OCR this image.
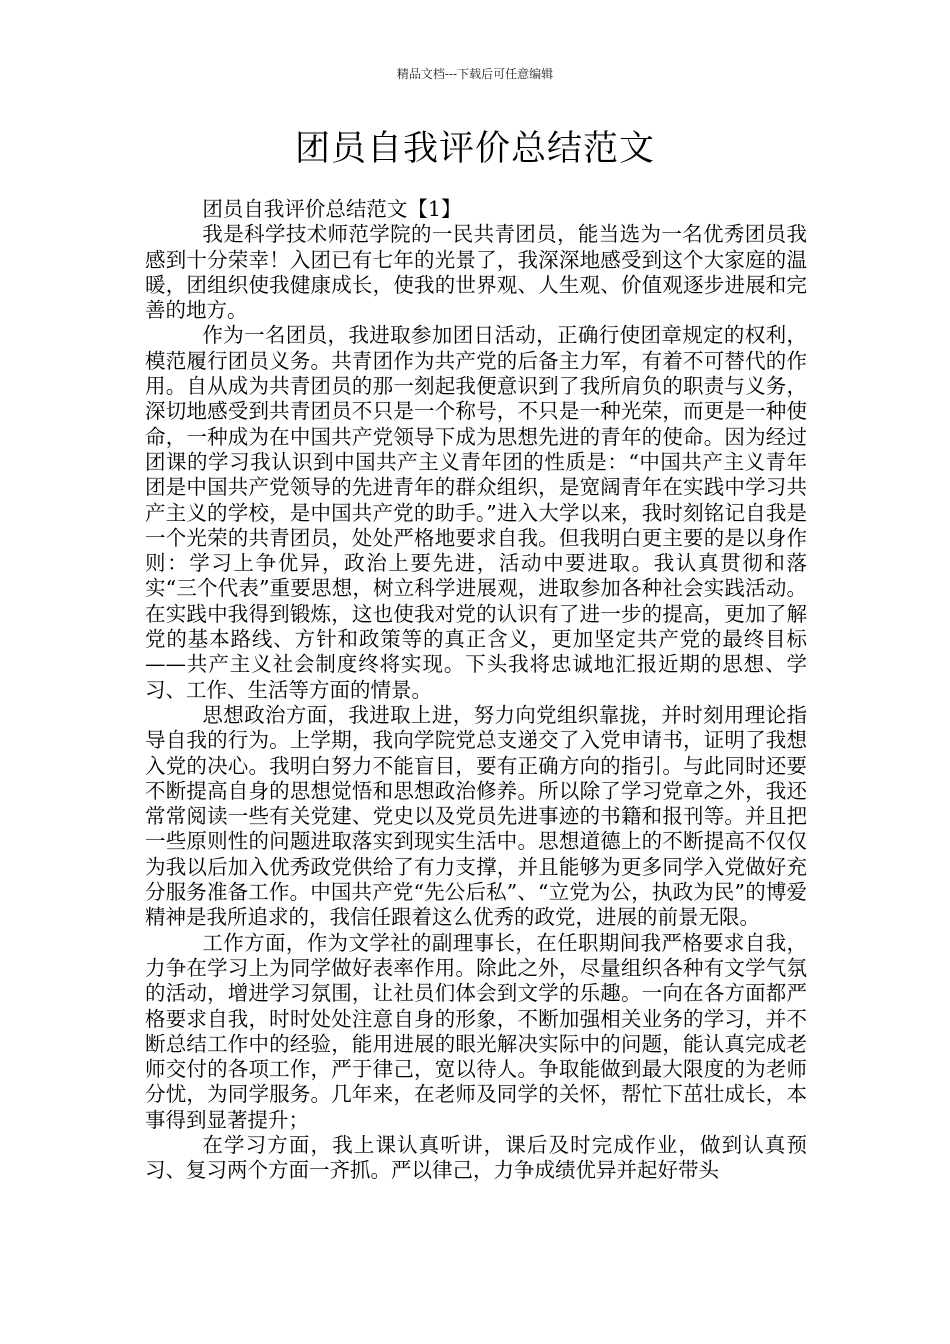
精品文档---下载后可任意编辑
团员自我评价总结范文

团员自我评价总结范文【1】

我是科学技术师范学院的一民共青团员，能当选为一名优秀团员我感到十分荣幸！入团已有七年的光景了，我深深地感受到这个大家庭的温暖，团组织使我健康成长，使我的世界观、人生观、价值观逐步进展和完善的地方。

作为一名团员，我进取参加团日活动，正确行使团章规定的权利，模范履行团员义务。共青团作为共产党的后备主力军，有着不可替代的作用。自从成为共青团员的那一刻起我便意识到了我所肩负的职责与义务，深切地感受到共青团员不只是一个称号，不只是一种光荣，而更是一种使命，一种成为在中国共产党领导下成为思想先进的青年的使命。因为经过团课的学习我认识到中国共产主义青年团的性质是：“中国共产主义青年团是中国共产党领导的先进青年的群众组织，是宽阔青年在实践中学习共产主义的学校，是中国共产党的助手。”进入大学以来，我时刻铭记自我是一个光荣的共青团员，处处严格地要求自我。但我明白更主要的是以身作则：学习上争优异，政治上要先进，活动中要进取。我认真贯彻和落实“三个代表”重要思想，树立科学进展观，进取参加各种社会实践活动。在实践中我得到锻炼，这也使我对党的认识有了进一步的提高，更加了解党的基本路线、方针和政策等的真正含义，更加坚定共产党的最终目标——共产主义社会制度终将实现。下头我将忠诚地汇报近期的思想、学习、工作、生活等方面的情景。

思想政治方面，我进取上进，努力向党组织靠拢，并时刻用理论指导自我的行为。上学期，我向学院党总支递交了入党申请书，证明了我想入党的决心。我明白努力不能盲目，要有正确方向的指引。与此同时还要不断提高自身的思想觉悟和思想政治修养。所以除了学习党章之外，我还常常阅读一些有关党建、党史以及党员先进事迹的书籍和报刊等。并且把一些原则性的问题进取落实到现实生活中。思想道德上的不断提高不仅仅为我以后加入优秀政党供给了有力支撑，并且能够为更多同学入党做好充分服务准备工作。中国共产党“先公后私”、“立党为公，执政为民”的博爱精神是我所追求的，我信任跟着这么优秀的政党，进展的前景无限。

工作方面，作为文学社的副理事长，在任职期间我严格要求自我，力争在学习上为同学做好表率作用。除此之外，尽量组织各种有文学气氛的活动，增进学习氛围，让社员们体会到文学的乐趣。一向在各方面都严格要求自我，时时处处注意自身的形象，不断加强相关业务的学习，并不断总结工作中的经验，能用进展的眼光解决实际中的问题，能认真完成老师交付的各项工作，严于律己，宽以待人。争取能做到最大限度的为老师分忧，为同学服务。几年来，在老师及同学的关怀，帮忙下茁壮成长，本事得到显著提升；

在学习方面，我上课认真听讲，课后及时完成作业，做到认真预习、复习两个方面一齐抓。严以律己，力争成绩优异并起好带头
